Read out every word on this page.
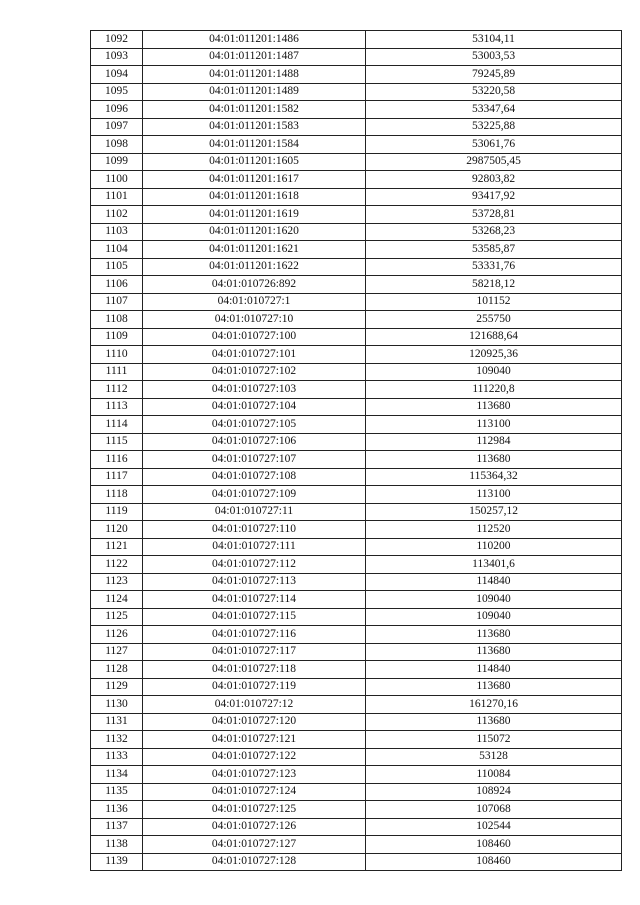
1092	04:01:011201:1486	53104,11
1093	04:01:011201:1487	53003,53
1094	04:01:011201:1488	79245,89
1095	04:01:011201:1489	53220,58
1096	04:01:011201:1582	53347,64
1097	04:01:011201:1583	53225,88
1098	04:01:011201:1584	53061,76
1099	04:01:011201:1605	2987505,45
1100	04:01:011201:1617	92803,82
1101	04:01:011201:1618	93417,92
1102	04:01:011201:1619	53728,81
1103	04:01:011201:1620	53268,23
1104	04:01:011201:1621	53585,87
1105	04:01:011201:1622	53331,76
1106	04:01:010726:892	58218,12
1107	04:01:010727:1	101152
1108	04:01:010727:10	255750
1109	04:01:010727:100	121688,64
1110	04:01:010727:101	120925,36
1111	04:01:010727:102	109040
1112	04:01:010727:103	111220,8
1113	04:01:010727:104	113680
1114	04:01:010727:105	113100
1115	04:01:010727:106	112984
1116	04:01:010727:107	113680
1117	04:01:010727:108	115364,32
1118	04:01:010727:109	113100
1119	04:01:010727:11	150257,12
1120	04:01:010727:110	112520
1121	04:01:010727:111	110200
1122	04:01:010727:112	113401,6
1123	04:01:010727:113	114840
1124	04:01:010727:114	109040
1125	04:01:010727:115	109040
1126	04:01:010727:116	113680
1127	04:01:010727:117	113680
1128	04:01:010727:118	114840
1129	04:01:010727:119	113680
1130	04:01:010727:12	161270,16
1131	04:01:010727:120	113680
1132	04:01:010727:121	115072
1133	04:01:010727:122	53128
1134	04:01:010727:123	110084
1135	04:01:010727:124	108924
1136	04:01:010727:125	107068
1137	04:01:010727:126	102544
1138	04:01:010727:127	108460
1139	04:01:010727:128	108460
